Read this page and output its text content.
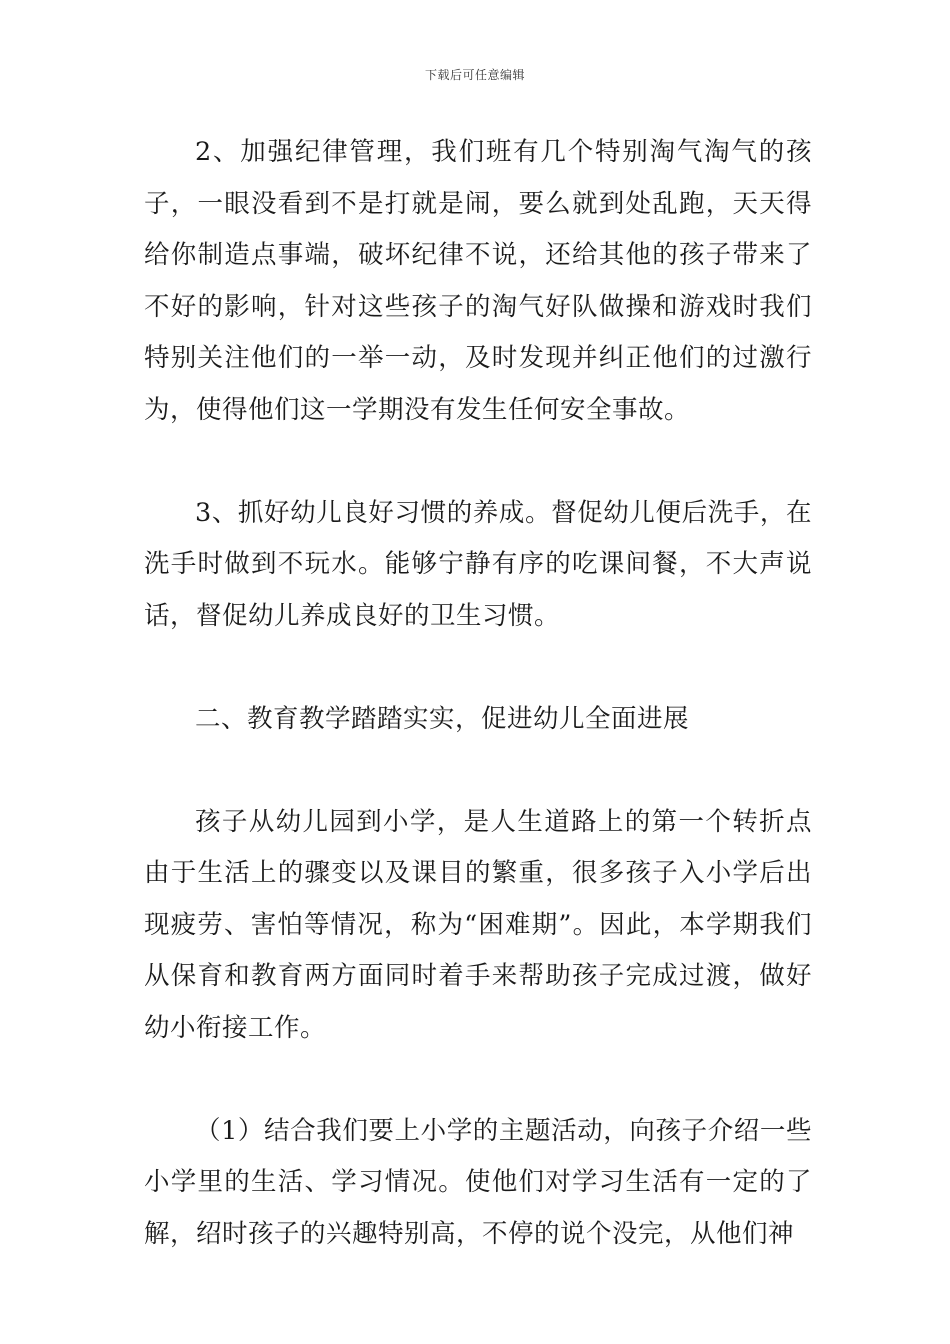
下载后可任意编辑

2、加强纪律管理，我们班有几个特别淘气淘气的孩子，一眼没看到不是打就是闹，要么就到处乱跑，天天得给你制造点事端，破坏纪律不说，还给其他的孩子带来了不好的影响，针对这些孩子的淘气好队做操和游戏时我们特别关注他们的一举一动，及时发现并纠正他们的过激行为，使得他们这一学期没有发生任何安全事故。

3、抓好幼儿良好习惯的养成。督促幼儿便后洗手，在洗手时做到不玩水。能够宁静有序的吃课间餐，不大声说话，督促幼儿养成良好的卫生习惯。

二、教育教学踏踏实实，促进幼儿全面进展

孩子从幼儿园到小学，是人生道路上的第一个转折点由于生活上的骤变以及课目的繁重，很多孩子入小学后出现疲劳、害怕等情况，称为“困难期”。因此，本学期我们从保育和教育两方面同时着手来帮助孩子完成过渡，做好幼小衔接工作。

（1）结合我们要上小学的主题活动，向孩子介绍一些小学里的生活、学习情况。使他们对学习生活有一定的了解，绍时孩子的兴趣特别高，不停的说个没完，从他们神
